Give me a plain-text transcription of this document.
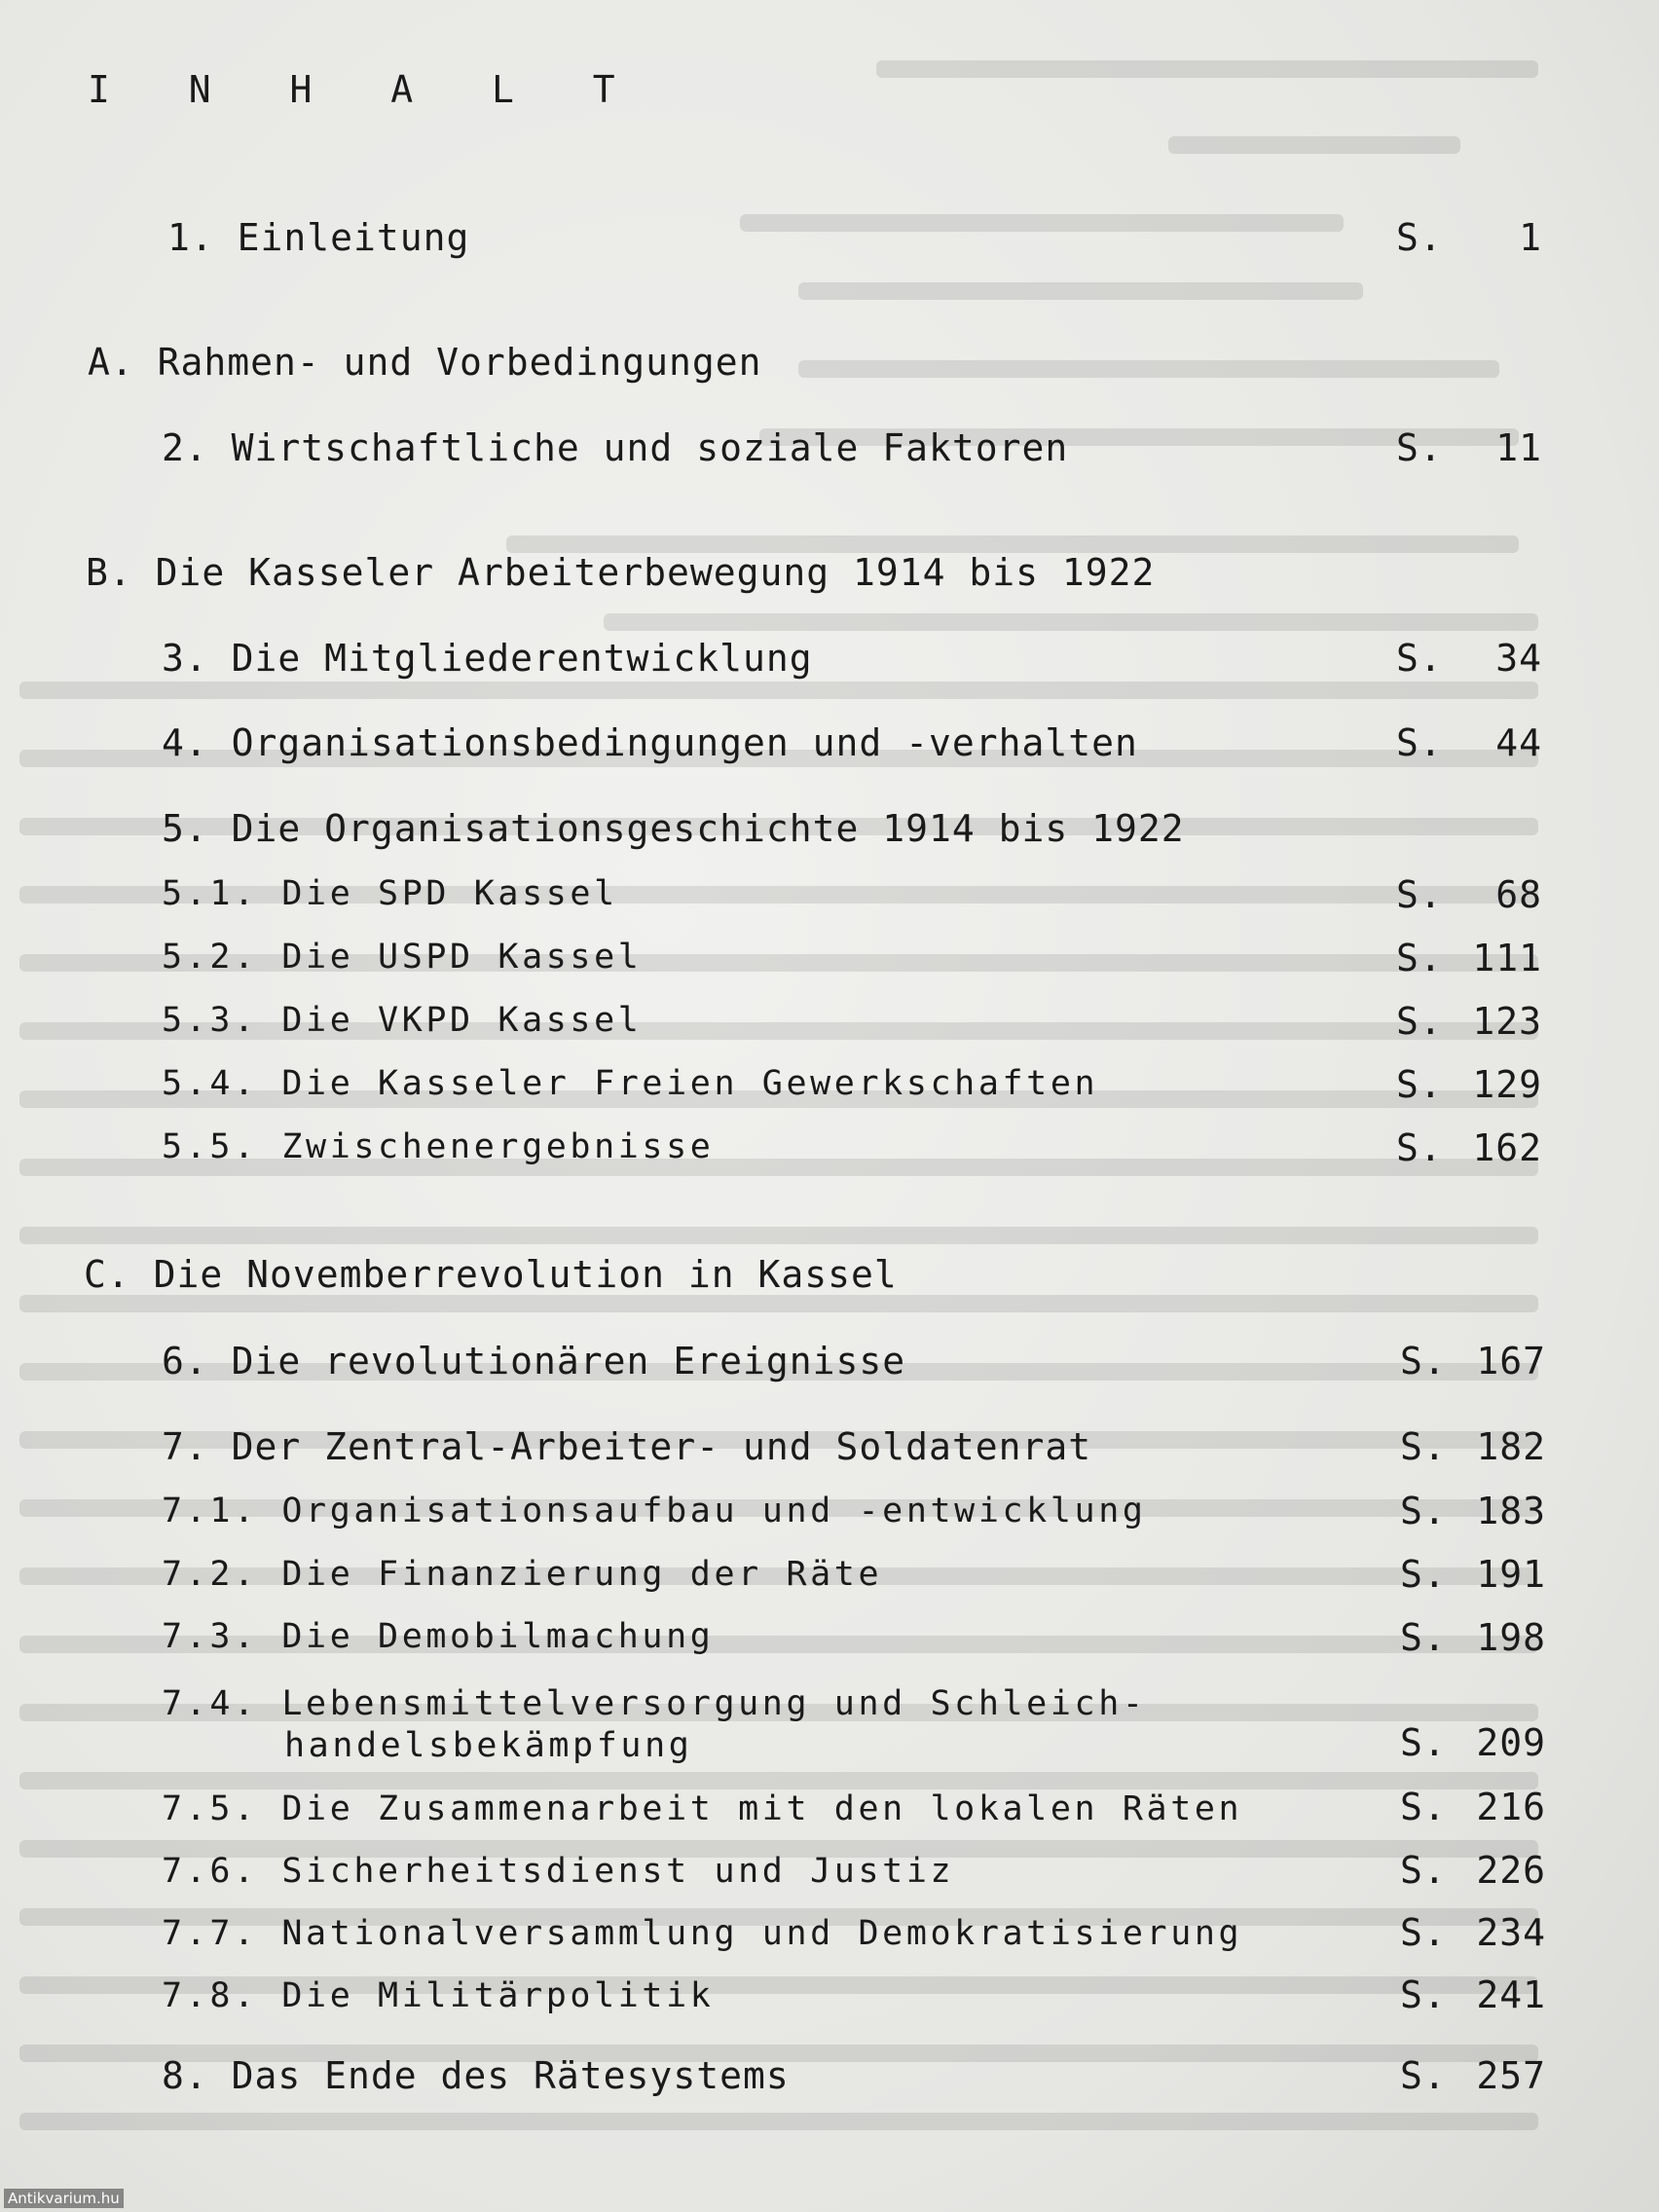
I N H A L T
1. Einleitung	S. 1
A. Rahmen- und Vorbedingungen
2. Wirtschaftliche und soziale Faktoren	S. 11
B. Die Kasseler Arbeiterbewegung 1914 bis 1922
3. Die Mitgliederentwicklung	S. 34
4. Organisationsbedingungen und -verhalten	S. 44
5. Die Organisationsgeschichte 1914 bis 1922
5.1. Die SPD Kassel	S. 68
5.2. Die USPD Kassel	S. 111
5.3. Die VKPD Kassel	S. 123
5.4. Die Kasseler Freien Gewerkschaften	S. 129
5.5. Zwischenergebnisse	S. 162
C. Die Novemberrevolution in Kassel
6. Die revolutionären Ereignisse	S. 167
7. Der Zentral-Arbeiter- und Soldatenrat	S. 182
7.1. Organisationsaufbau und -entwicklung	S. 183
7.2. Die Finanzierung der Räte	S. 191
7.3. Die Demobilmachung	S. 198
7.4. Lebensmittelversorgung und Schleich-
handelsbekämpfung	S. 209
7.5. Die Zusammenarbeit mit den lokalen Räten	S. 216
7.6. Sicherheitsdienst und Justiz	S. 226
7.7. Nationalversammlung und Demokratisierung	S. 234
7.8. Die Militärpolitik	S. 241
8. Das Ende des Rätesystems	S. 257
Antikvarium.hu
